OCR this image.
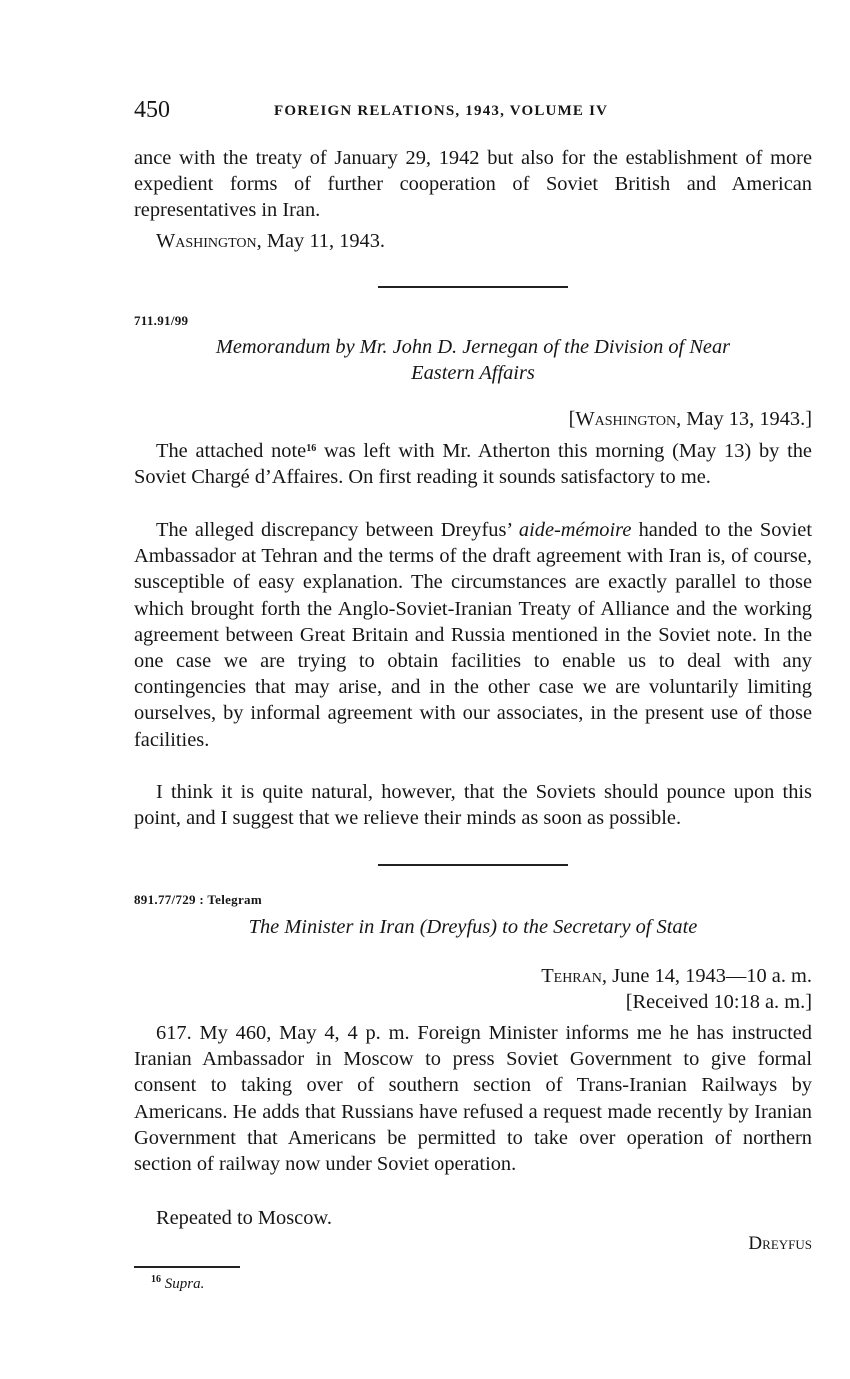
450	FOREIGN RELATIONS, 1943, VOLUME IV

ance with the treaty of January 29, 1942 but also for the establishment of more expedient forms of further cooperation of Soviet British and American representatives in Iran.

Washington, May 11, 1943.

711.91/99
Memorandum by Mr. John D. Jernegan of the Division of Near
Eastern Affairs
[Washington, May 13, 1943.]

The attached note$^{16}$ was left with Mr. Atherton this morning (May 13) by the Soviet Chargé d’Affaires. On first reading it sounds satisfactory to me.

The alleged discrepancy between Dreyfus’ aide-mémoire handed to the Soviet Ambassador at Tehran and the terms of the draft agreement with Iran is, of course, susceptible of easy explanation. The circumstances are exactly parallel to those which brought forth the Anglo-Soviet-Iranian Treaty of Alliance and the working agreement between Great Britain and Russia mentioned in the Soviet note. In the one case we are trying to obtain facilities to enable us to deal with any contingencies that may arise, and in the other case we are voluntarily limiting ourselves, by informal agreement with our associates, in the present use of those facilities.

I think it is quite natural, however, that the Soviets should pounce upon this point, and I suggest that we relieve their minds as soon as possible.

891.77/729 : Telegram
The Minister in Iran (Dreyfus) to the Secretary of State
Tehran, June 14, 1943—10 a. m.
[Received 10:18 a. m.]

617. My 460, May 4, 4 p. m. Foreign Minister informs me he has instructed Iranian Ambassador in Moscow to press Soviet Government to give formal consent to taking over of southern section of Trans-Iranian Railways by Americans. He adds that Russians have refused a request made recently by Iranian Government that Americans be permitted to take over operation of northern section of railway now under Soviet operation.

Repeated to Moscow.

Dreyfus
$^{16}$ Supra.
